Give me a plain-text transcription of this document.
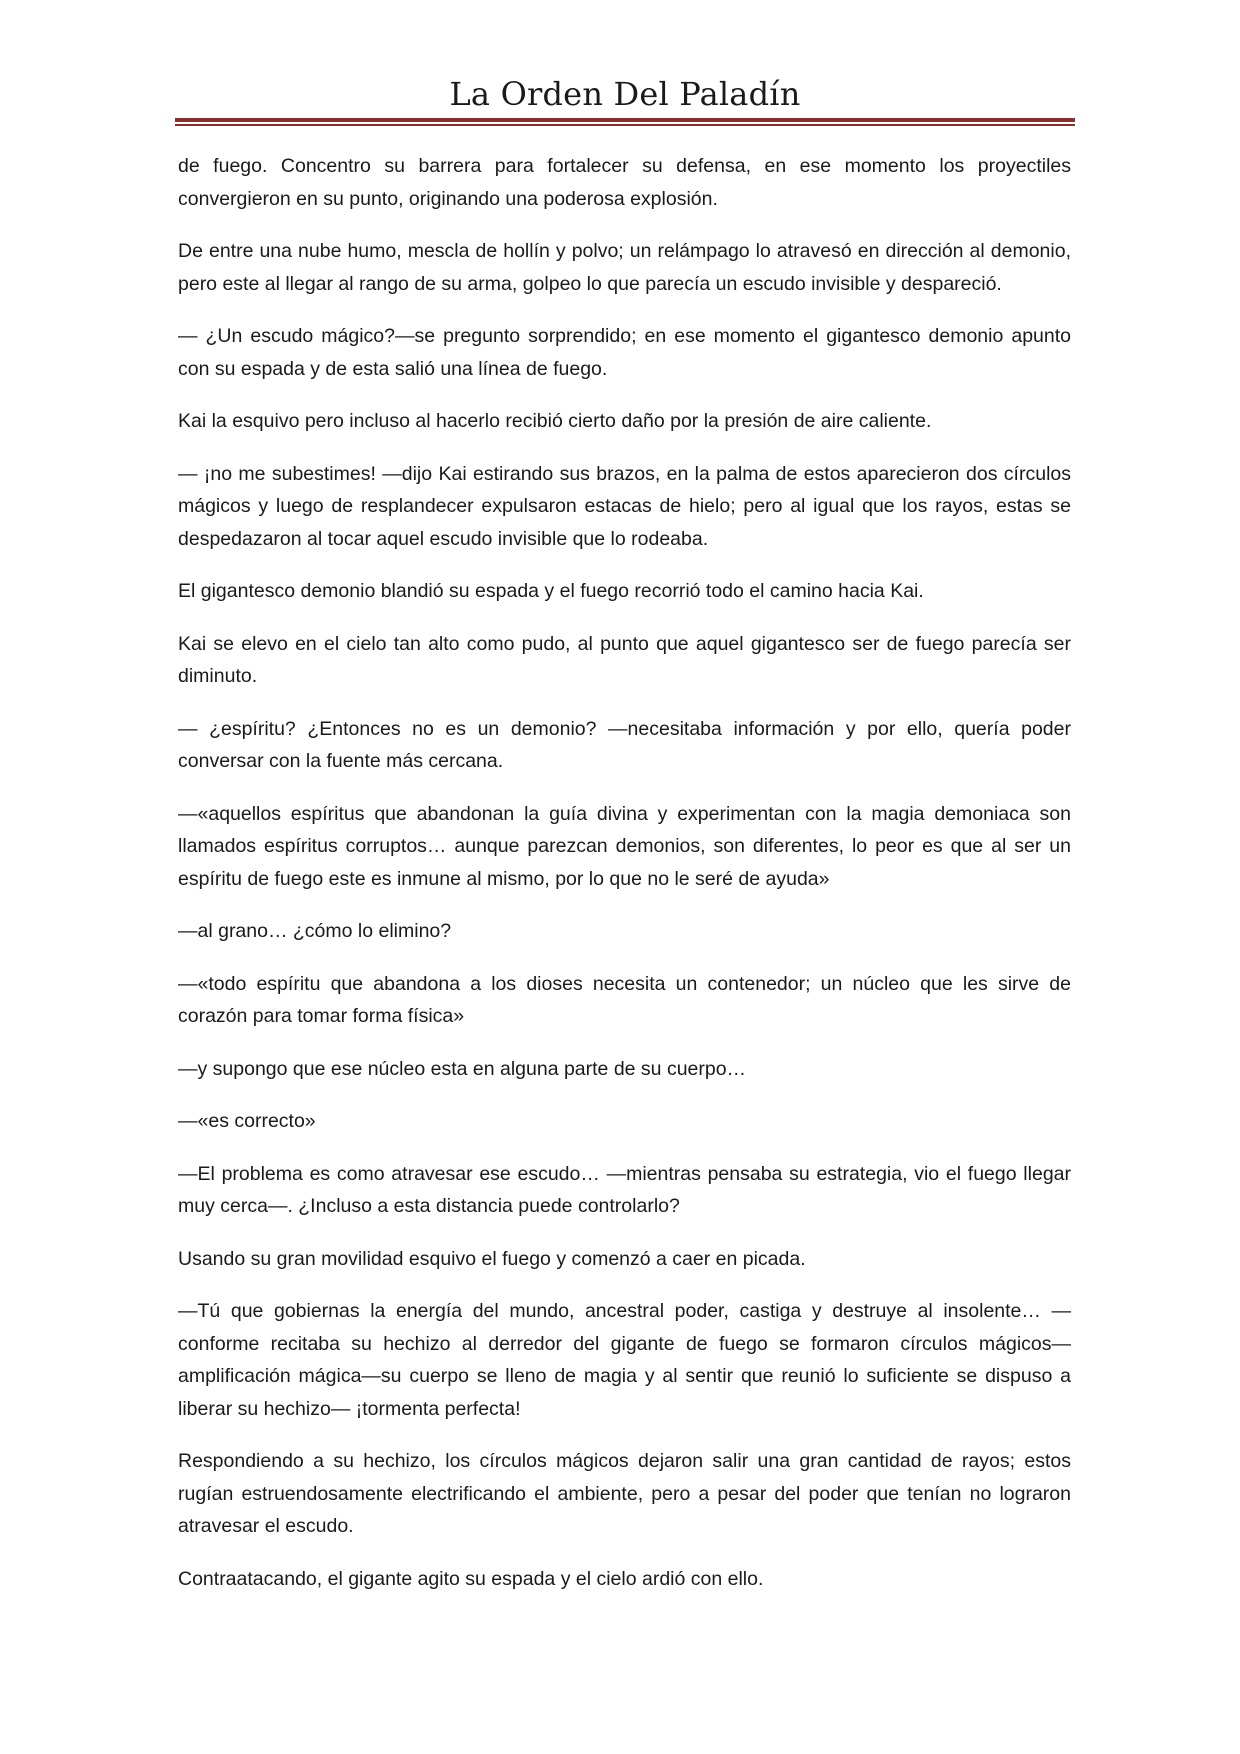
La Orden Del Paladín

de fuego. Concentro su barrera para fortalecer su defensa, en ese momento los proyectiles convergieron en su punto, originando una poderosa explosión.

De entre una nube humo, mescla de hollín y polvo; un relámpago lo atravesó en dirección al demonio, pero este al llegar al rango de su arma, golpeo lo que parecía un escudo invisible y despareció.

— ¿Un escudo mágico?—se pregunto sorprendido; en ese momento el gigantesco demonio apunto con su espada y de esta salió una línea de fuego.

Kai la esquivo pero incluso al hacerlo recibió cierto daño por la presión de aire caliente.

— ¡no me subestimes! —dijo Kai estirando sus brazos, en la palma de estos aparecieron dos círculos mágicos y luego de resplandecer expulsaron estacas de hielo; pero al igual que los rayos, estas se despedazaron al tocar aquel escudo invisible que lo rodeaba.

El gigantesco demonio blandió su espada y el fuego recorrió todo el camino hacia Kai.

Kai se elevo en el cielo tan alto como pudo, al punto que aquel gigantesco ser de fuego parecía ser diminuto.

— ¿espíritu? ¿Entonces no es un demonio? —necesitaba información y por ello, quería poder conversar con la fuente más cercana.

—«aquellos espíritus que abandonan la guía divina y experimentan con la magia demoniaca son llamados espíritus corruptos… aunque parezcan demonios, son diferentes, lo peor es que al ser un espíritu de fuego este es inmune al mismo, por lo que no le seré de ayuda»

—al grano… ¿cómo lo elimino?

—«todo espíritu que abandona a los dioses necesita un contenedor; un núcleo que les sirve de corazón para tomar forma física»

—y supongo que ese núcleo esta en alguna parte de su cuerpo…

—«es correcto»

—El problema es como atravesar ese escudo… —mientras pensaba su estrategia, vio el fuego llegar muy cerca—. ¿Incluso a esta distancia puede controlarlo?

Usando su gran movilidad esquivo el fuego y comenzó a caer en picada.

—Tú que gobiernas la energía del mundo, ancestral poder, castiga y destruye al insolente… —conforme recitaba su hechizo al derredor del gigante de fuego se formaron círculos mágicos—amplificación mágica—su cuerpo se lleno de magia y al sentir que reunió lo suficiente se dispuso a liberar su hechizo— ¡tormenta perfecta!

Respondiendo a su hechizo, los círculos mágicos dejaron salir una gran cantidad de rayos; estos rugían estruendosamente electrificando el ambiente, pero a pesar del poder que tenían no lograron atravesar el escudo.

Contraatacando, el gigante agito su espada y el cielo ardió con ello.
